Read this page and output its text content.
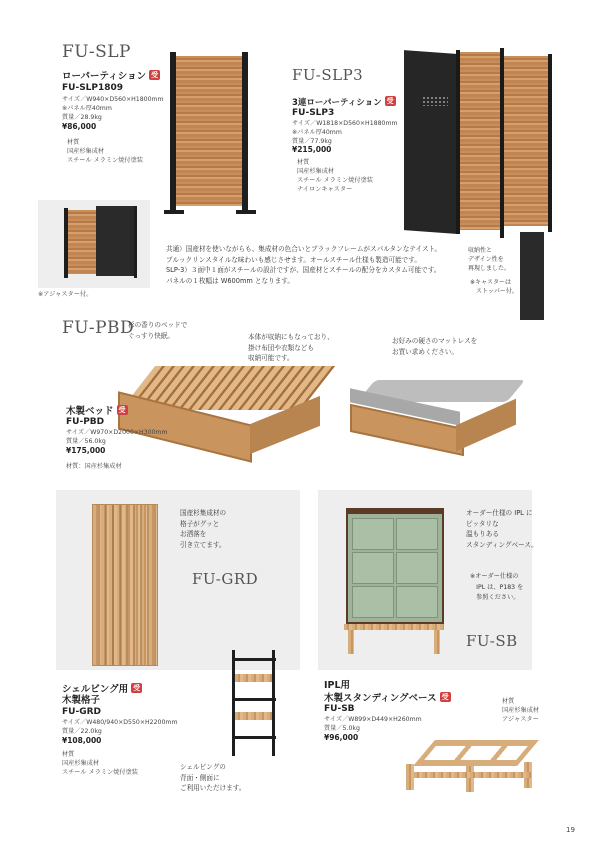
FU-SLP
ローパーティション 受
FU-SLP1809
サイズ／W940×D560×H1800mm
※パネル厚40mm
質量／28.9kg
¥86,000
材質
国産杉集成材
スチール メラミン焼付塗装
※アジャスター付。
FU-SLP3
3連ローパーティション 受
FU-SLP3
サイズ／W1818×D560×H1880mm
※パネル厚40mm
質量／77.9kg
¥215,000
材質
国産杉集成材
スチール メラミン焼付塗装
ナイロンキャスター
収納性と
デザイン性を
再現しました。
※キャスターは
　ストッパー付。
共通）国産材を使いながらも、集成材の色合いとブラックフレームがスパルタンなテイスト。
ブルックリンスタイルな味わいも感じさせます。オールスチール仕様も製造可能です。
SLP-3）３面中１面がスチールの設計ですが、国産材とスチールの配分をカスタム可能です。
パネルの１枚幅は W600mm となります。
FU-PBD
杉の香りのベッドで
ぐっすり快眠。	本体が収納にもなっており、
掛け布団や衣類なども
収納可能です。
お好みの硬さのマットレスを
お買い求めください。
木製ベッド 受
FU-PBD
サイズ／W970×D2000×H300mm
質量／56.0kg
¥175,000
材質：国産杉集成材
国産杉集成材の
格子がグッと
お洒落を
引き立てます。
FU-GRD
シェルビング用 受
木製格子
FU-GRD
サイズ／W480/940×D550×H2200mm
質量／22.0kg
¥108,000
材質
国産杉集成材
スチール メラミン焼付塗装
シェルビングの
背面・側面に
ご利用いただけます。
オーダー仕様の IPL に
ピッタリな
温もりある
スタンディングベース。
※オーダー仕様の
　IPL は、P183 を
　参照ください。
FU-SB
IPL用
木製スタンディングベース 受
FU-SB
サイズ／W899×D449×H260mm
質量／5.0kg
¥96,000
材質
国産杉集成材
アジャスター
19
